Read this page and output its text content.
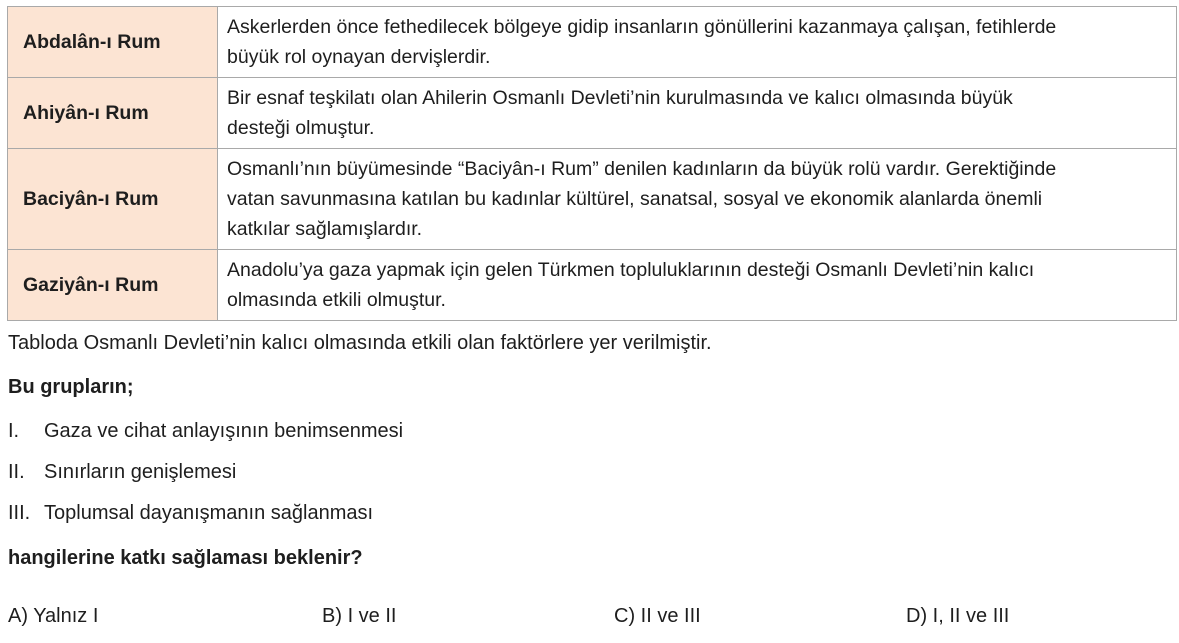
Abdalân-ı Rum	Askerlerden önce fethedilecek bölgeye gidip insanların gönüllerini kazanmaya çalışan, fetihlerde
büyük rol oynayan dervişlerdir.

Ahiyân-ı Rum	Bir esnaf teşkilatı olan Ahilerin Osmanlı Devleti’nin kurulmasında ve kalıcı olmasında büyük
desteği olmuştur.

Baciyân-ı Rum	Osmanlı’nın büyümesinde “Baciyân-ı Rum” denilen kadınların da büyük rolü vardır. Gerektiğinde
vatan savunmasına katılan bu kadınlar kültürel, sanatsal, sosyal ve ekonomik alanlarda önemli
katkılar sağlamışlardır.

Gaziyân-ı Rum	Anadolu’ya gaza yapmak için gelen Türkmen topluluklarının desteği Osmanlı Devleti’nin kalıcı
olmasında etkili olmuştur.
Tabloda Osmanlı Devleti’nin kalıcı olmasında etkili olan faktörlere yer verilmiştir.
Bu grupların;
I. Gaza ve cihat anlayışının benimsenmesi
II. Sınırların genişlemesi
III. Toplumsal dayanışmanın sağlanması
hangilerine katkı sağlaması beklenir?
A) Yalnız I	B) I ve II	C) II ve III	D) I, II ve III
